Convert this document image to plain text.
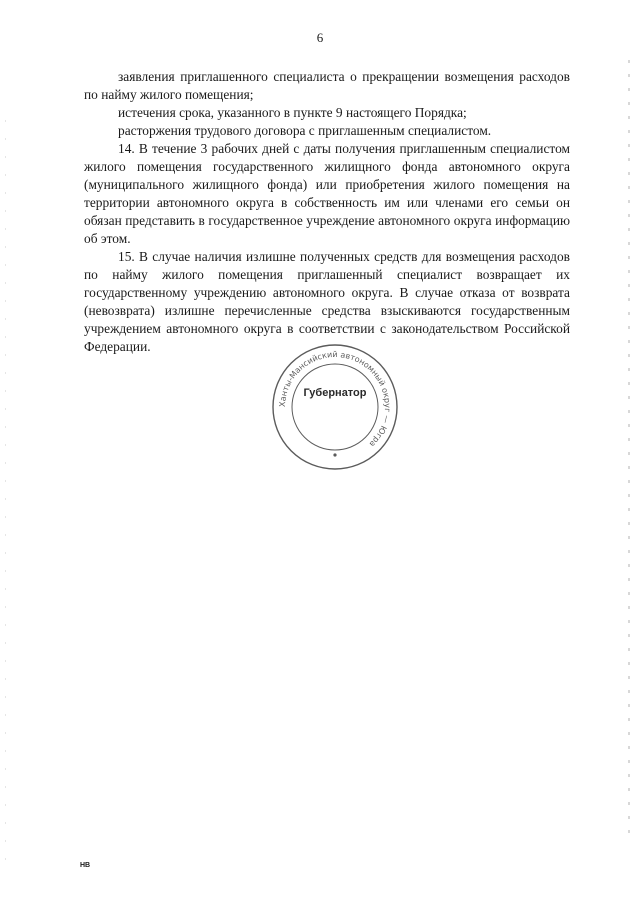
6

заявления приглашенного специалиста о прекращении возмещения расходов по найму жилого помещения;

истечения срока, указанного в пункте 9 настоящего Порядка;

расторжения трудового договора с приглашенным специалистом.

14. В течение 3 рабочих дней с даты получения приглашенным специалистом жилого помещения государственного жилищного фонда автономного округа (муниципального жилищного фонда) или приобретения жилого помещения на территории автономного округа в собственность им или членами его семьи он обязан представить в государственное учреждение автономного округа информацию об этом.

15. В случае наличия излишне полученных средств для возмещения расходов по найму жилого помещения приглашенный специалист возвращает их государственному учреждению автономного округа. В случае отказа от возврата (невозврата) излишне перечисленные средства взыскиваются государственным учреждением автономного округа в соответствии с законодательством Российской Федерации.

Ханты-Мансийский автономный округ — Югра
Губернатор
НВ
